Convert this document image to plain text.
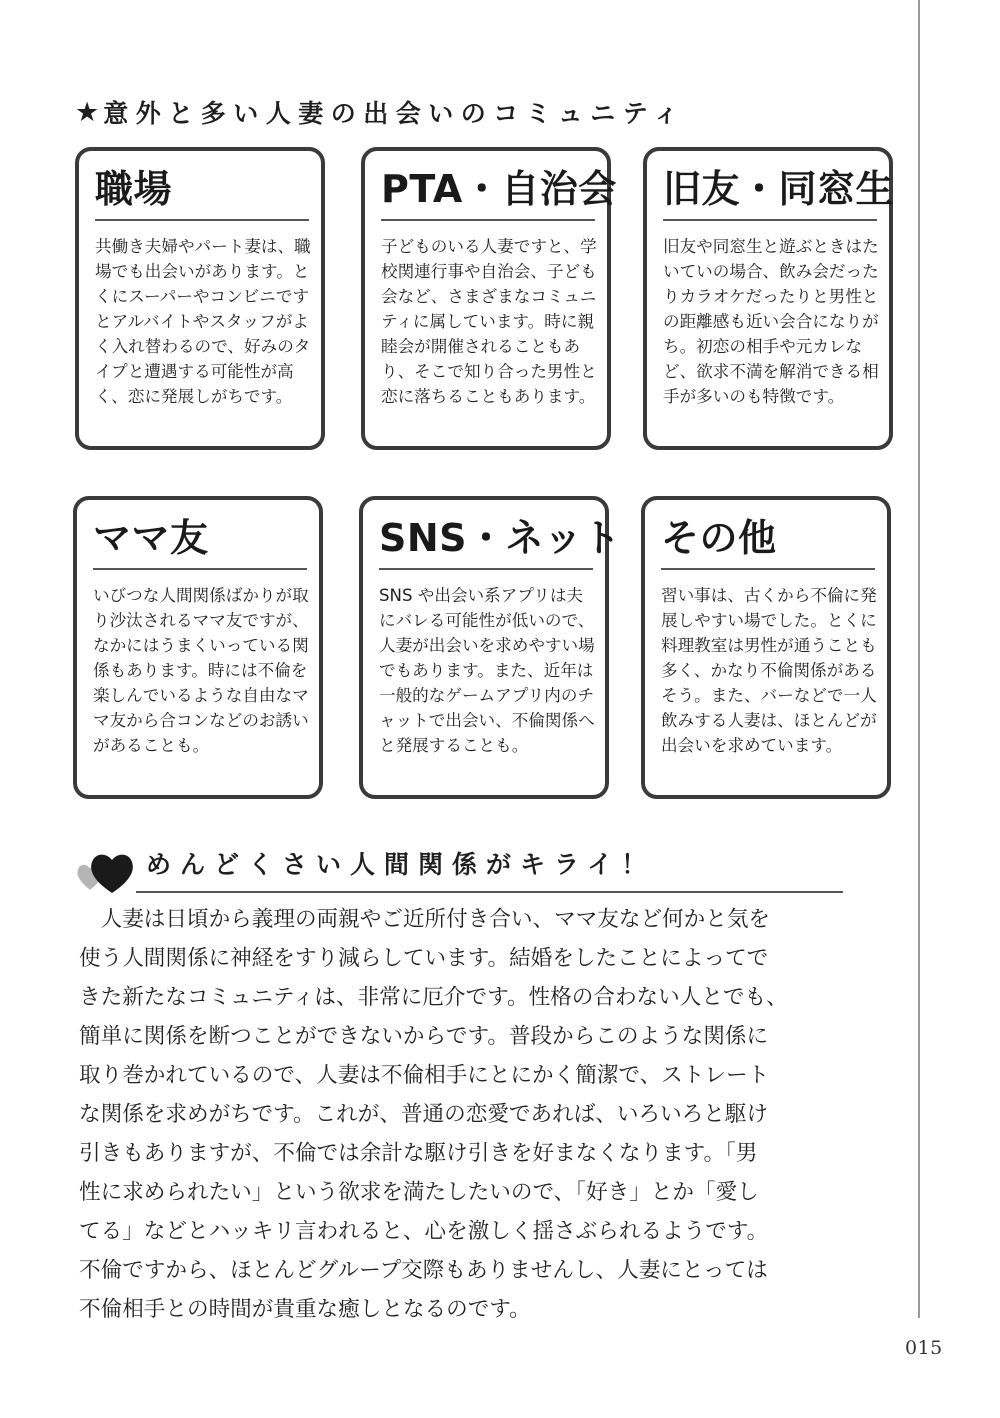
★ 意外と多い人妻の出会いのコミュニティ
職場
共働き夫婦やパート妻は、職場でも出会いがあります。とくにスーパーやコンビニですとアルバイトやスタッフがよく入れ替わるので、好みのタイプと遭遇する可能性が高く、恋に発展しがちです。
PTA・自治会
子どものいる人妻ですと、学校関連行事や自治会、子ども会など、さまざまなコミュニティに属しています。時に親睦会が開催されることもあり、そこで知り合った男性と恋に落ちることもあります。
旧友・同窓生
旧友や同窓生と遊ぶときはたいていの場合、飲み会だったりカラオケだったりと男性との距離感も近い会合になりがち。初恋の相手や元カレなど、欲求不満を解消できる相手が多いのも特徴です。
ママ友
いびつな人間関係ばかりが取り沙汰されるママ友ですが、なかにはうまくいっている関係もあります。時には不倫を楽しんでいるような自由なママ友から合コンなどのお誘いがあることも。
SNS・ネット
SNS や出会い系アプリは夫にバレる可能性が低いので、人妻が出会いを求めやすい場でもあります。また、近年は一般的なゲームアプリ内のチャットで出会い、不倫関係へと発展することも。
その他
習い事は、古くから不倫に発展しやすい場でした。とくに料理教室は男性が通うことも多く、かなり不倫関係があるそう。また、バーなどで一人飲みする人妻は、ほとんどが出会いを求めています。
めんどくさい人間関係がキライ！
　人妻は日頃から義理の両親やご近所付き合い、ママ友など何かと気を
使う人間関係に神経をすり減らしています。結婚をしたことによってで
きた新たなコミュニティは、非常に厄介です。性格の合わない人とでも、
簡単に関係を断つことができないからです。普段からこのような関係に
取り巻かれているので、人妻は不倫相手にとにかく簡潔で、ストレート
な関係を求めがちです。これが、普通の恋愛であれば、いろいろと駆け
引きもありますが、不倫では余計な駆け引きを好まなくなります。「男
性に求められたい」という欲求を満たしたいので、「好き」とか「愛し
てる」などとハッキリ言われると、心を激しく揺さぶられるようです。
不倫ですから、ほとんどグループ交際もありませんし、人妻にとっては
不倫相手との時間が貴重な癒しとなるのです。
015
